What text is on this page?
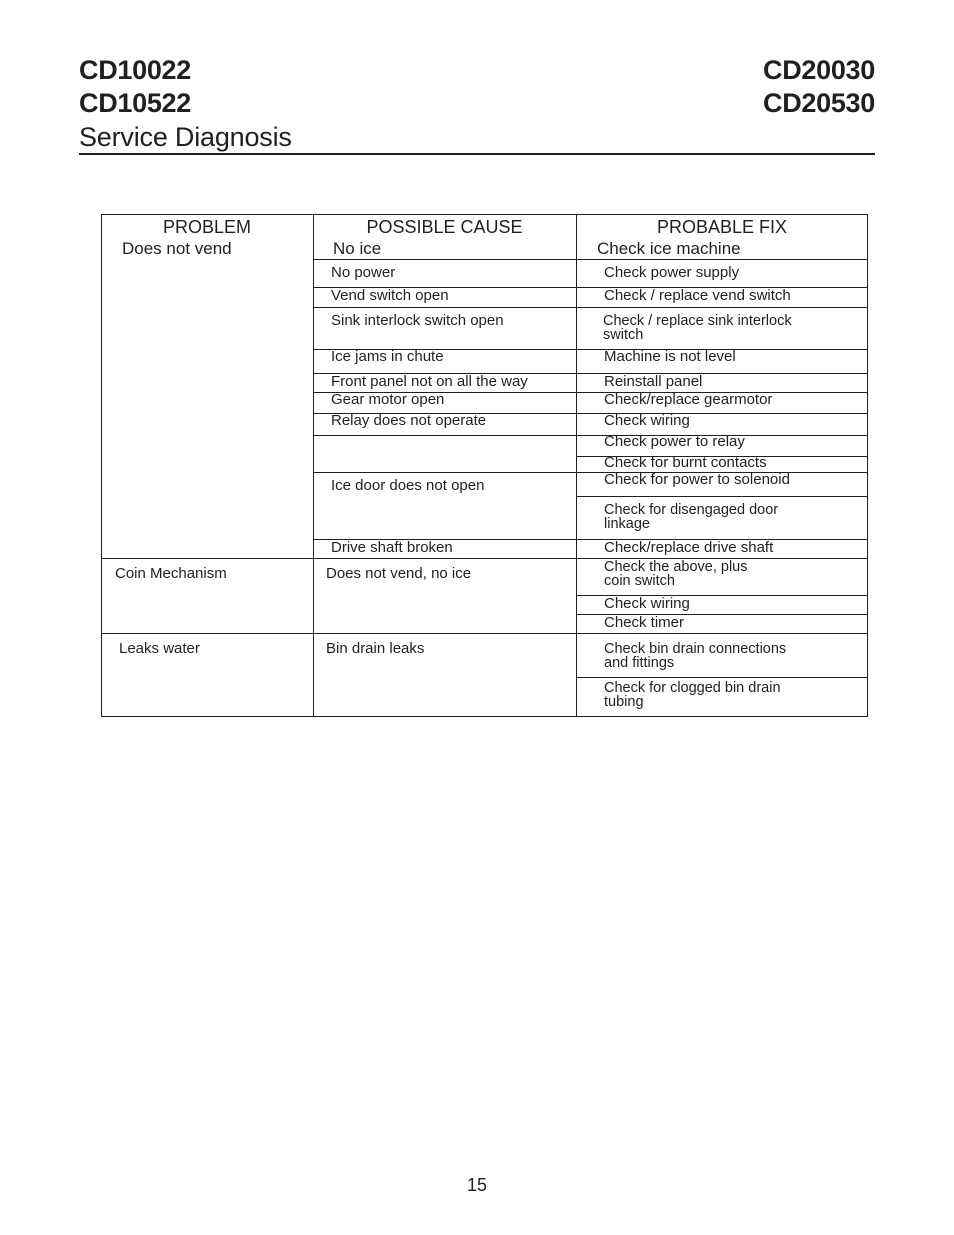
CD10022
CD10522
CD20030
CD20530
Service Diagnosis
PROBLEM	POSSIBLE CAUSE	PROBABLE FIX
Does not vend
Coin Mechanism
Leaks water
No ice
No power
Vend switch open
Sink interlock switch open
Ice jams in chute
Front panel not on all the way
Gear motor open
Relay does not operate
Ice door does not open
Drive shaft broken
Does not vend, no ice
Bin drain leaks
Check ice machine
Check power supply
Check / replace vend switch
Check / replace sink interlock
switch
Machine is not level
Reinstall panel
Check/replace gearmotor
Check wiring
Check power to relay
Check for burnt contacts
Check for power to solenoid
Check for disengaged door
linkage
Check/replace drive shaft
Check the above, plus
coin switch
Check wiring
Check timer
Check bin drain connections
and fittings
Check for clogged bin drain
tubing
15
